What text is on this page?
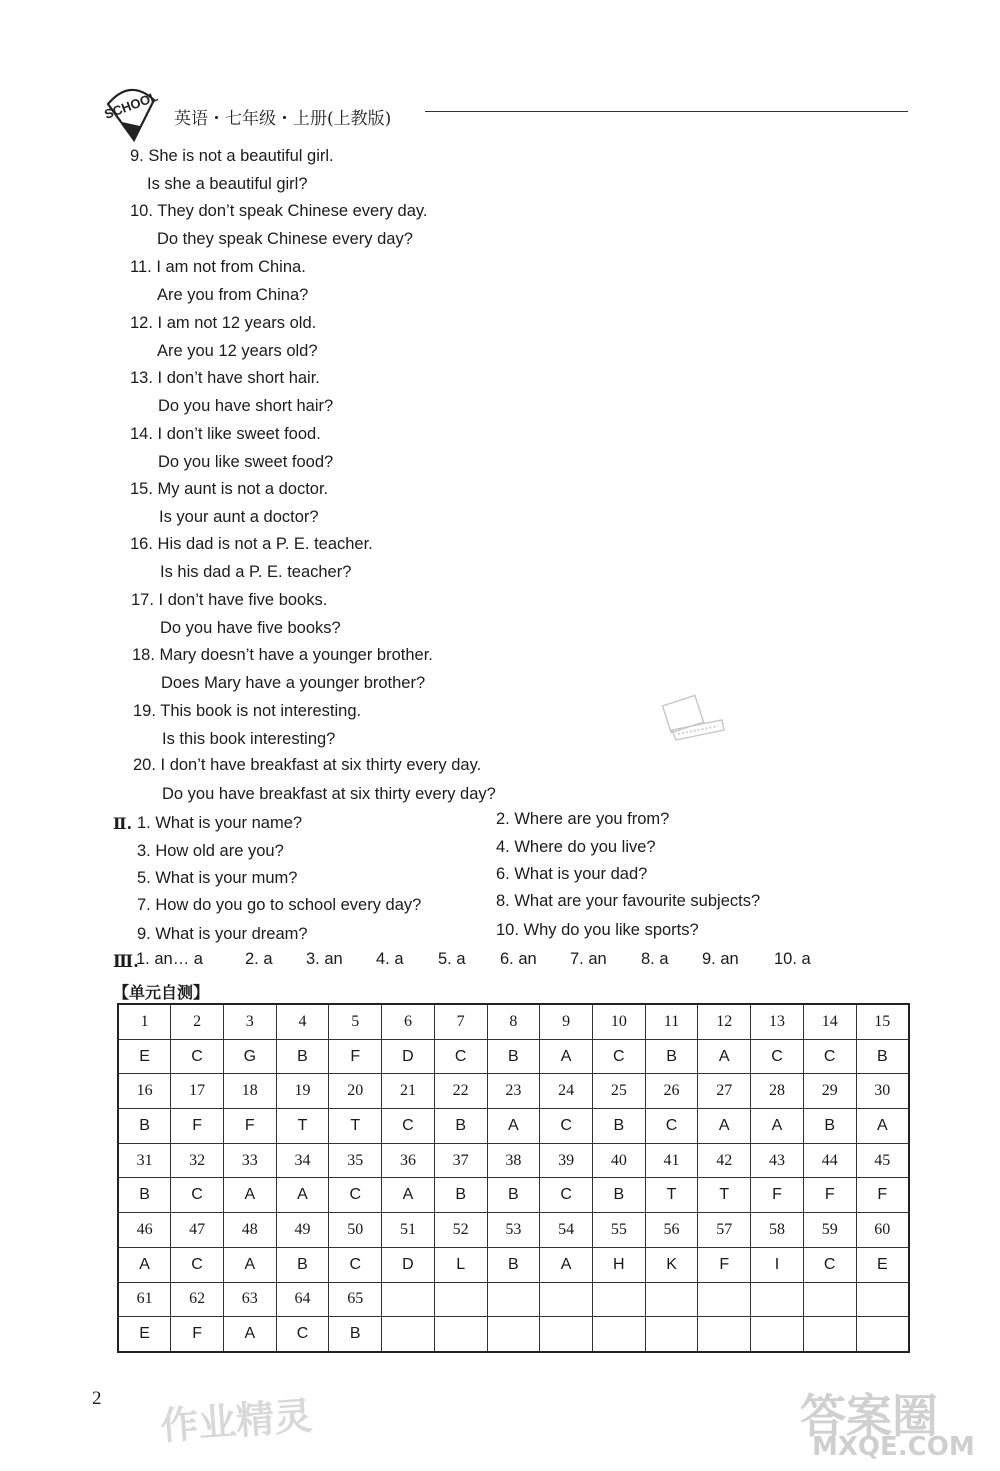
SCHOOL 英语・七年级・上册(上教版)
9. She is not a beautiful girl.
Is she a beautiful girl?
10. They don’t speak Chinese every day.
Do they speak Chinese every day?
11. I am not from China.
Are you from China?
12. I am not 12 years old.
Are you 12 years old?
13. I don’t have short hair.
Do you have short hair?
14. I don’t like sweet food.
Do you like sweet food?
15. My aunt is not a doctor.
Is your aunt a doctor?
16. His dad is not a P. E. teacher.
Is his dad a P. E. teacher?
17. I don’t have five books.
Do you have five books?
18. Mary doesn’t have a younger brother.
Does Mary have a younger brother?
19. This book is not interesting.
Is this book interesting?
20. I don’t have breakfast at six thirty every day.
Do you have breakfast at six thirty every day?
Ⅱ. 1. What is your name?	2. Where are you from?
3. How old are you?	4. Where do you live?
5. What is your mum?	6. What is your dad?
7. How do you go to school every day?	8. What are your favourite subjects?
9. What is your dream?	10. Why do you like sports?
Ⅲ.
1. an… a	2. a 3. an 4. a 5. a 6. an 7. an 8. a 9. an 10. a
【单元自测】
1	2	3	4	5	6	7	8	9	10	11	12	13	14	15
E	C	G	B	F	D	C	B	A	C	B	A	C	C	B
16	17	18	19	20	21	22	23	24	25	26	27	28	29	30
B	F	F	T	T	C	B	A	C	B	C	A	A	B	A
31	32	33	34	35	36	37	38	39	40	41	42	43	44	45
B	C	A	A	C	A	B	B	C	B	T	T	F	F	F
46	47	48	49	50	51	52	53	54	55	56	57	58	59	60
A	C	A	B	C	D	L	B	A	H	K	F	I	C	E
61	62	63	64	65										
E	F	A	C	B										
2 作业精灵	答案圈
MXQE.COM
